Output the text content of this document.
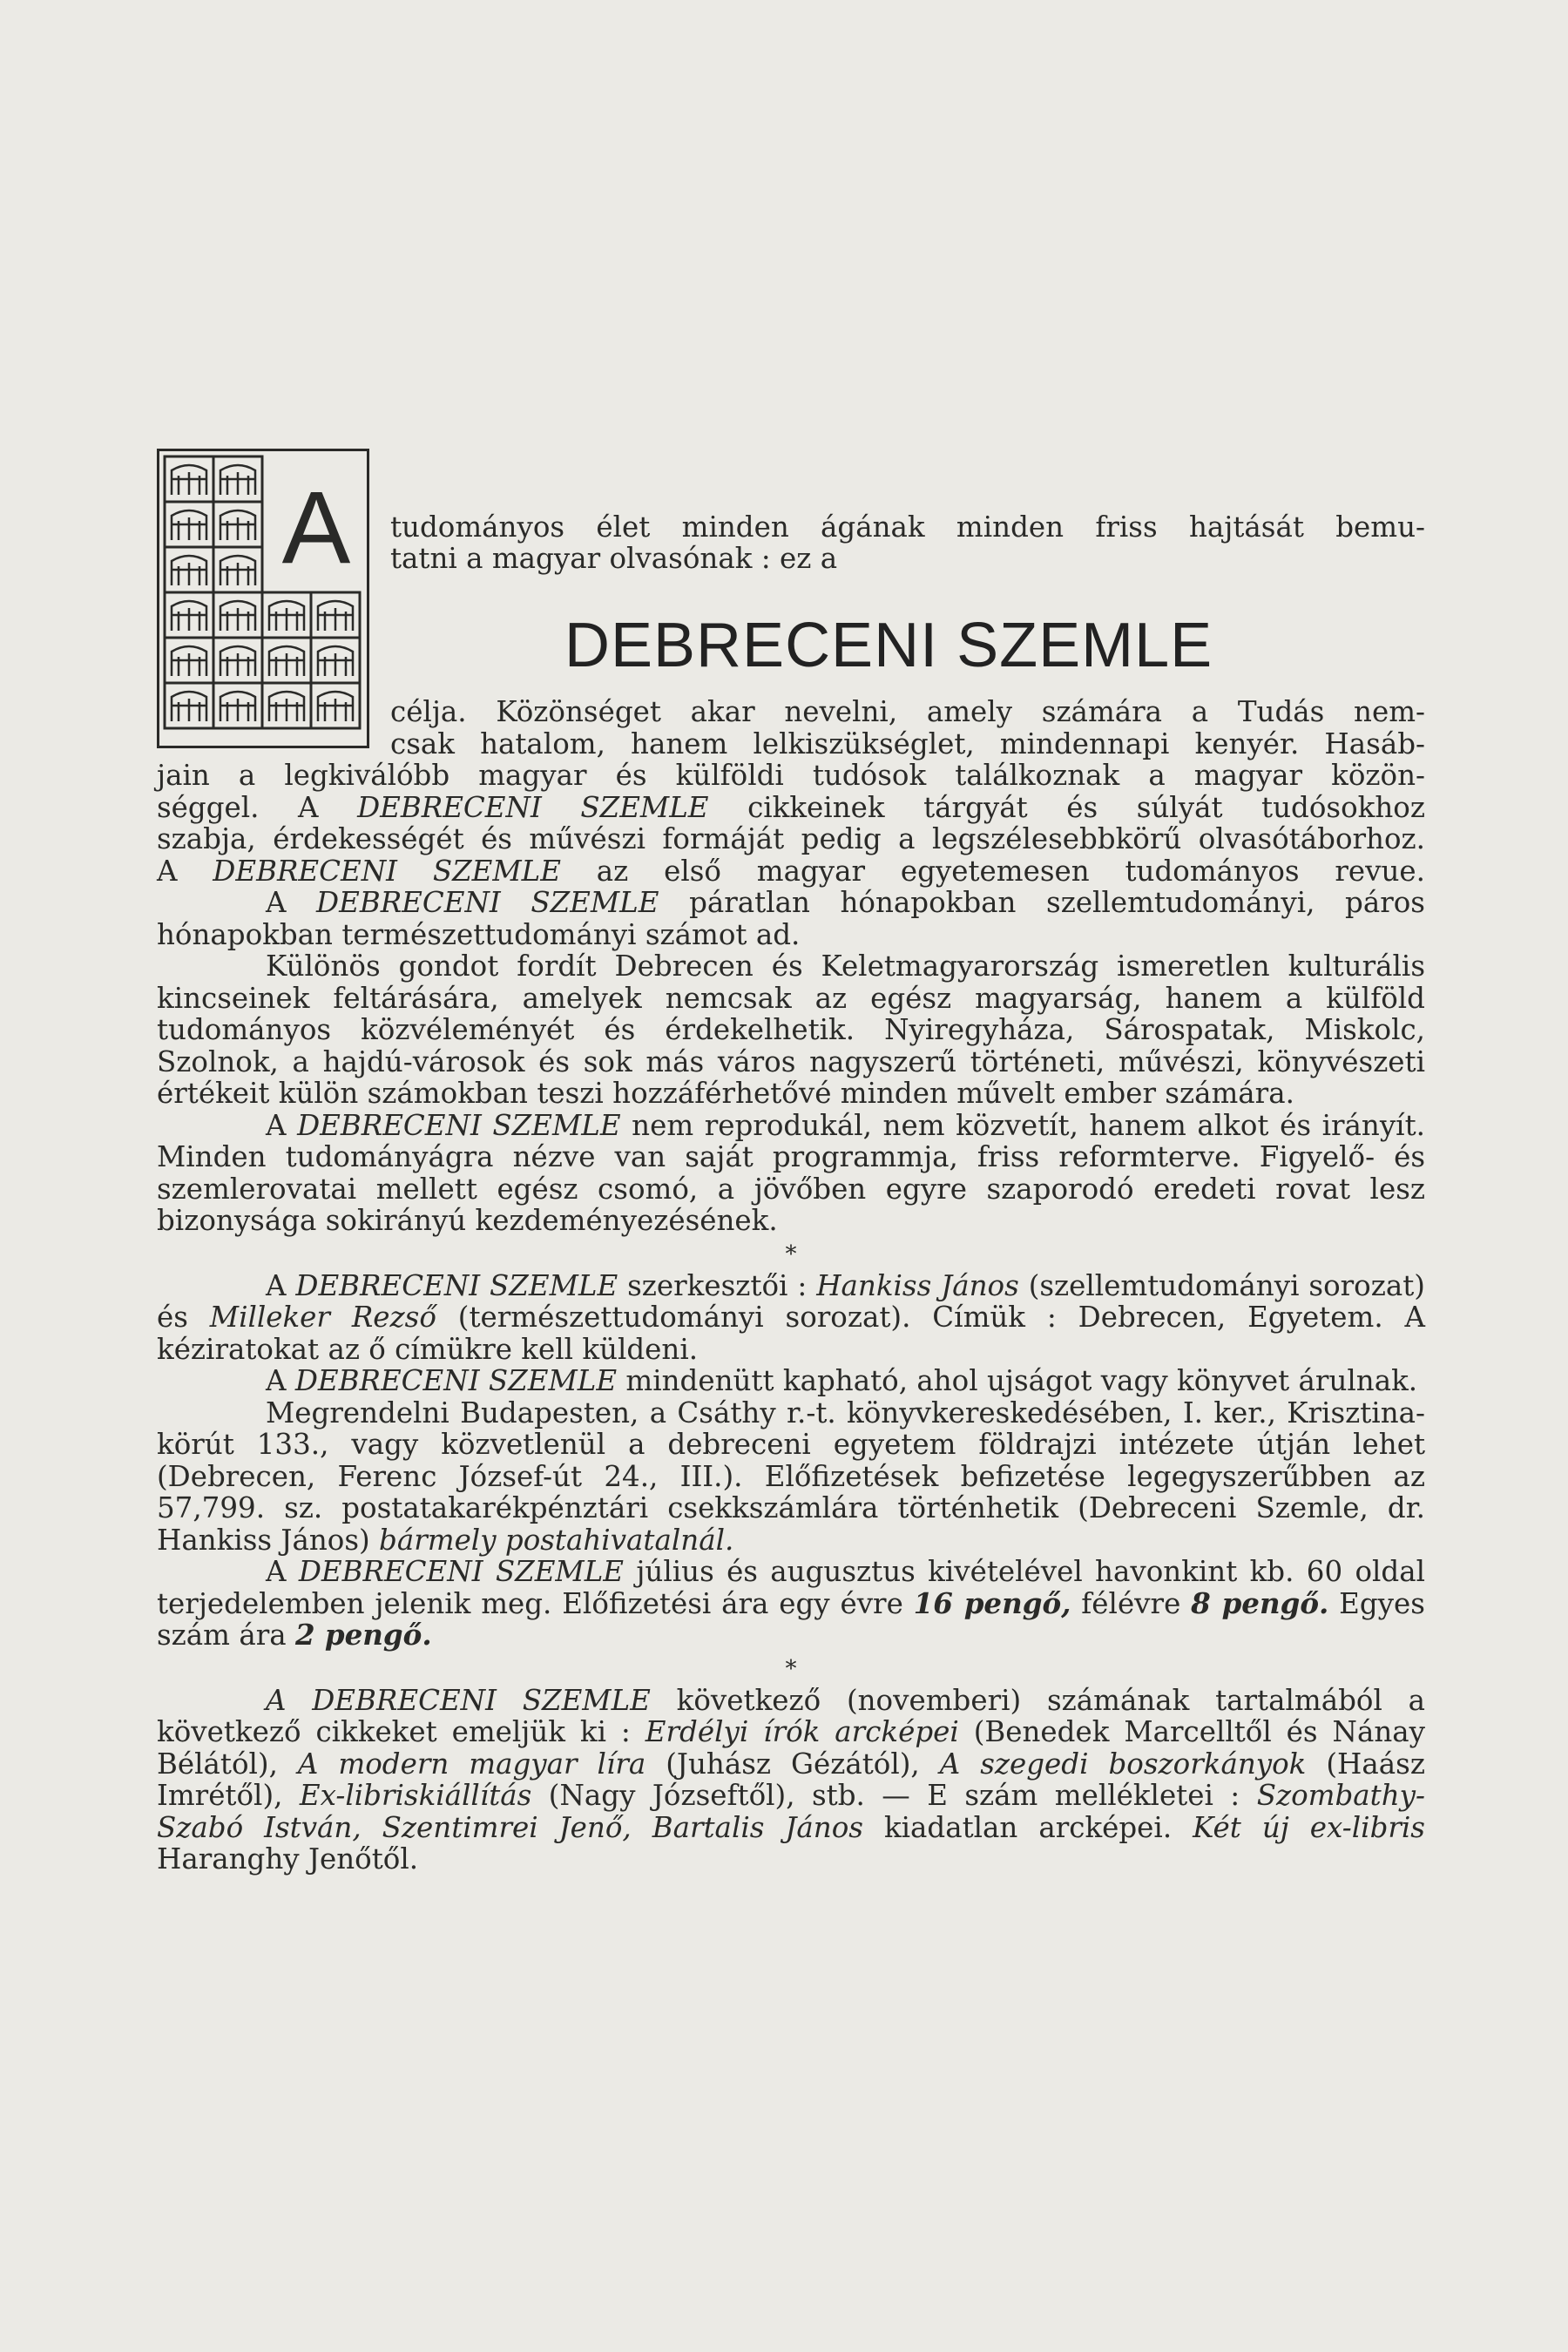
A	tudományos élet minden ágának minden friss hajtását bemu-
tatni a magyar olvasónak : ez a
DEBRECENI SZEMLE
célja. Közönséget akar nevelni, amely számára a Tudás nem-
csak hatalom, hanem lelkiszükséglet, mindennapi kenyér. Hasáb-
jain a legkiválóbb magyar és külföldi tudósok találkoznak a magyar közön-
séggel. A DEBRECENI SZEMLE cikkeinek tárgyát és súlyát tudósokhoz
szabja, érdekességét és művészi formáját pedig a legszélesebbkörű olvasótáborhoz.
A DEBRECENI SZEMLE az első magyar egyetemesen tudományos revue.
A DEBRECENI SZEMLE páratlan hónapokban szellemtudományi, páros hónapokban természettudományi számot ad.
Különös gondot fordít Debrecen és Keletmagyarország ismeretlen kulturális kincseinek feltárására, amelyek nemcsak az egész magyarság, hanem a külföld tudományos közvéleményét és érdekelhetik. Nyiregyháza, Sárospatak, Miskolc, Szolnok, a hajdú-városok és sok más város nagyszerű történeti, művészi, könyvészeti értékeit külön számokban teszi hozzáférhetővé minden művelt ember számára.
A DEBRECENI SZEMLE nem reprodukál, nem közvetít, hanem alkot és irányít. Minden tudományágra nézve van saját programmja, friss reformterve. Figyelő- és szemlerovatai mellett egész csomó, a jövőben egyre szaporodó eredeti rovat lesz bizonysága sokirányú kezdeményezésének.
*
A DEBRECENI SZEMLE szerkesztői : Hankiss János (szellemtudományi sorozat) és Milleker Rezső (természettudományi sorozat). Címük : Debrecen, Egyetem. A kéziratokat az ő címükre kell küldeni.
A DEBRECENI SZEMLE mindenütt kapható, ahol ujságot vagy könyvet árulnak.
Megrendelni Budapesten, a Csáthy r.-t. könyvkereskedésében, I. ker., Krisztina-körút 133., vagy közvetlenül a debreceni egyetem földrajzi intézete útján lehet (Debrecen, Ferenc József-út 24., III.). Előfizetések befizetése legegyszerűbben az 57,799. sz. postatakarékpénztári csekkszámlára történhetik (Debreceni Szemle, dr. Hankiss János) bármely postahivatalnál.
A DEBRECENI SZEMLE július és augusztus kivételével havonkint kb. 60 oldal terjedelemben jelenik meg. Előfizetési ára egy évre 16 pengő, félévre 8 pengő. Egyes szám ára 2 pengő.
*
A DEBRECENI SZEMLE következő (novemberi) számának tartalmából a következő cikkeket emeljük ki : Erdélyi írók arcképei (Benedek Marcelltől és Nánay Bélától), A modern magyar líra (Juhász Gézától), A szegedi boszorkányok (Haász Imrétől), Ex-libriskiállítás (Nagy Józseftől), stb. — E szám mellékletei : Szombathy-Szabó István, Szentimrei Jenő, Bartalis János kiadatlan arcképei. Két új ex-libris Haranghy Jenőtől.
